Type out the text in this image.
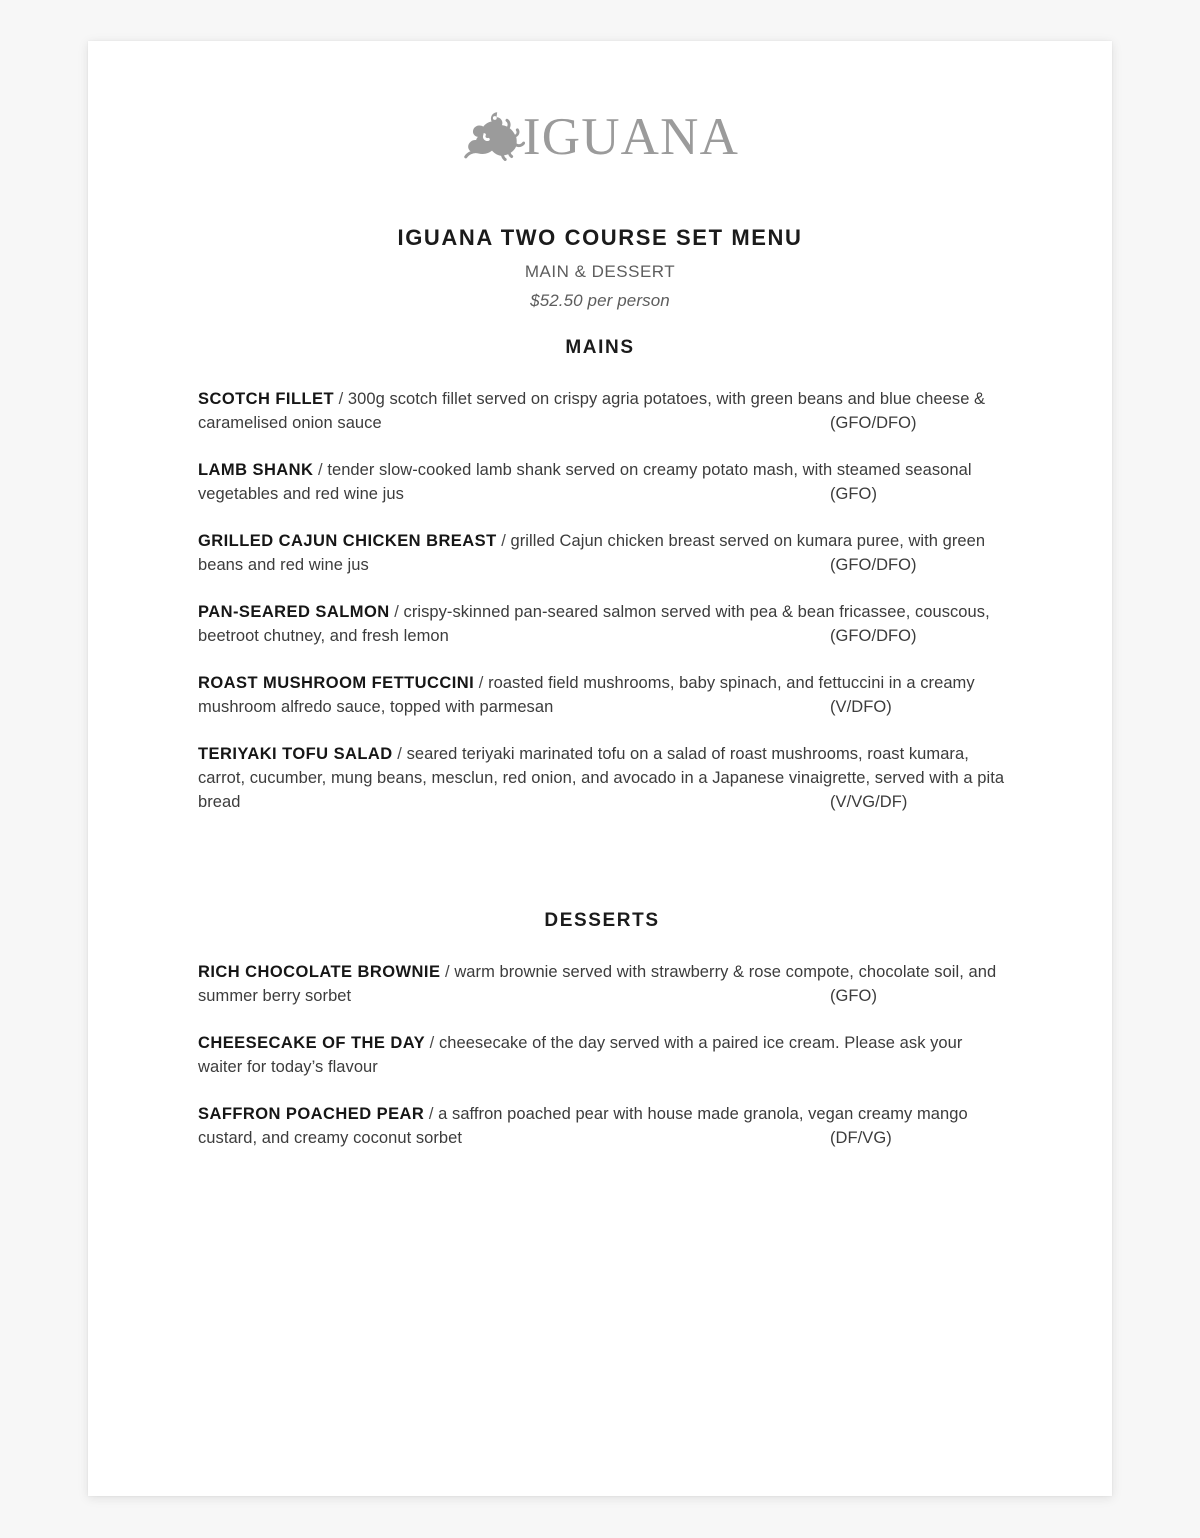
IGUANA
IGUANA TWO COURSE SET MENU
MAIN & DESSERT
$52.50 per person
MAINS
SCOTCH FILLET / 300g scotch fillet served on crispy agria potatoes, with green beans and blue cheese & caramelised onion sauce	(GFO/DFO)
LAMB SHANK / tender slow-cooked lamb shank served on creamy potato mash, with steamed seasonal vegetables and red wine jus	(GFO)
GRILLED CAJUN CHICKEN BREAST / grilled Cajun chicken breast served on kumara puree, with green beans and red wine jus	(GFO/DFO)
PAN-SEARED SALMON / crispy-skinned pan-seared salmon served with pea & bean fricassee, couscous, beetroot chutney, and fresh lemon	(GFO/DFO)
ROAST MUSHROOM FETTUCCINI / roasted field mushrooms, baby spinach, and fettuccini in a creamy mushroom alfredo sauce, topped with parmesan	(V/DFO)
TERIYAKI TOFU SALAD / seared teriyaki marinated tofu on a salad of roast mushrooms, roast kumara, carrot, cucumber, mung beans, mesclun, red onion, and avocado in a Japanese vinaigrette, served with a pita bread	(V/VG/DF)
DESSERTS
RICH CHOCOLATE BROWNIE / warm brownie served with strawberry & rose compote, chocolate soil, and summer berry sorbet	(GFO)
CHEESECAKE OF THE DAY / cheesecake of the day served with a paired ice cream. Please ask your waiter for today’s flavour
SAFFRON POACHED PEAR / a saffron poached pear with house made granola, vegan creamy mango custard, and creamy coconut sorbet	(DF/VG)
